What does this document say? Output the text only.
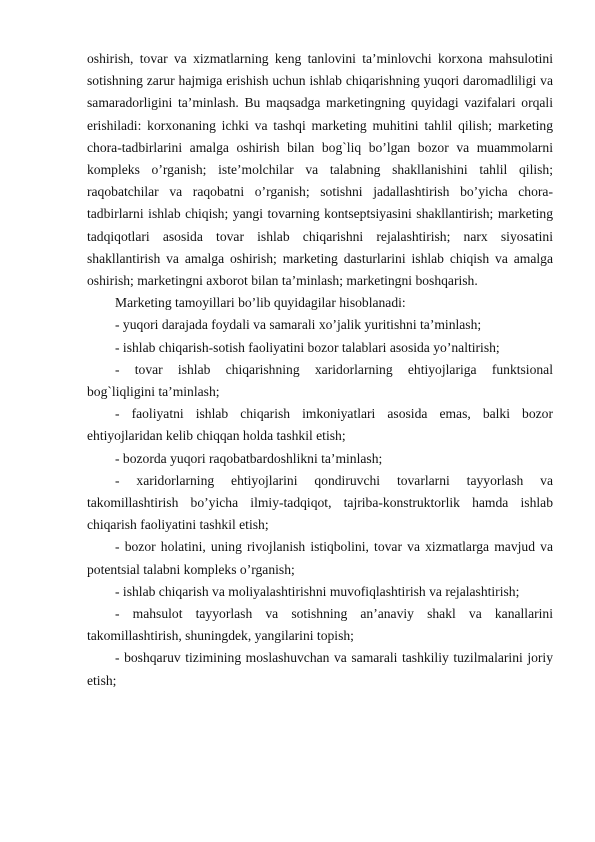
oshirish, tovar va xizmatlarning keng tanlovini ta’minlovchi korxona mahsulotini sotishning zarur hajmiga erishish uchun ishlab chiqarishning yuqori daromadliligi va samaradorligini ta’minlash. Bu maqsadga marketingning quyidagi vazifalari orqali erishiladi: korxonaning ichki va tashqi marketing muhitini tahlil qilish; marketing chora-tadbirlarini amalga oshirish bilan bog`liq bo’lgan bozor va muammolarni kompleks o’rganish; iste’molchilar va talabning shakllanishini tahlil qilish; raqobatchilar va raqobatni o’rganish; sotishni jadallashtirish bo’yicha chora-tadbirlarni ishlab chiqish; yangi tovarning kontseptsiyasini shakllantirish; marketing tadqiqotlari asosida tovar ishlab chiqarishni rejalashtirish; narx siyosatini shakllantirish va amalga oshirish; marketing dasturlarini ishlab chiqish va amalga oshirish; marketingni axborot bilan ta’minlash; marketingni boshqarish.

Marketing tamoyillari bo’lib quyidagilar hisoblanadi:

- yuqori darajada foydali va samarali xo’jalik yuritishni ta’minlash;

- ishlab chiqarish-sotish faoliyatini bozor talablari asosida yo’naltirish;

- tovar ishlab chiqarishning xaridorlarning ehtiyojlariga funktsional bog`liqligini ta’minlash;

- faoliyatni ishlab chiqarish imkoniyatlari asosida emas, balki bozor ehtiyojlaridan kelib chiqqan holda tashkil etish;

- bozorda yuqori raqobatbardoshlikni ta’minlash;

- xaridorlarning ehtiyojlarini qondiruvchi tovarlarni tayyorlash va takomillashtirish bo’yicha ilmiy-tadqiqot, tajriba-konstruktorlik hamda ishlab chiqarish faoliyatini tashkil etish;

- bozor holatini, uning rivojlanish istiqbolini, tovar va xizmatlarga mavjud va potentsial talabni kompleks o’rganish;

- ishlab chiqarish va moliyalashtirishni muvofiqlashtirish va rejalashtirish;

- mahsulot tayyorlash va sotishning an’anaviy shakl va kanallarini takomillashtirish, shuningdek, yangilarini topish;

- boshqaruv tizimining moslashuvchan va samarali tashkiliy tuzilmalarini joriy etish;
